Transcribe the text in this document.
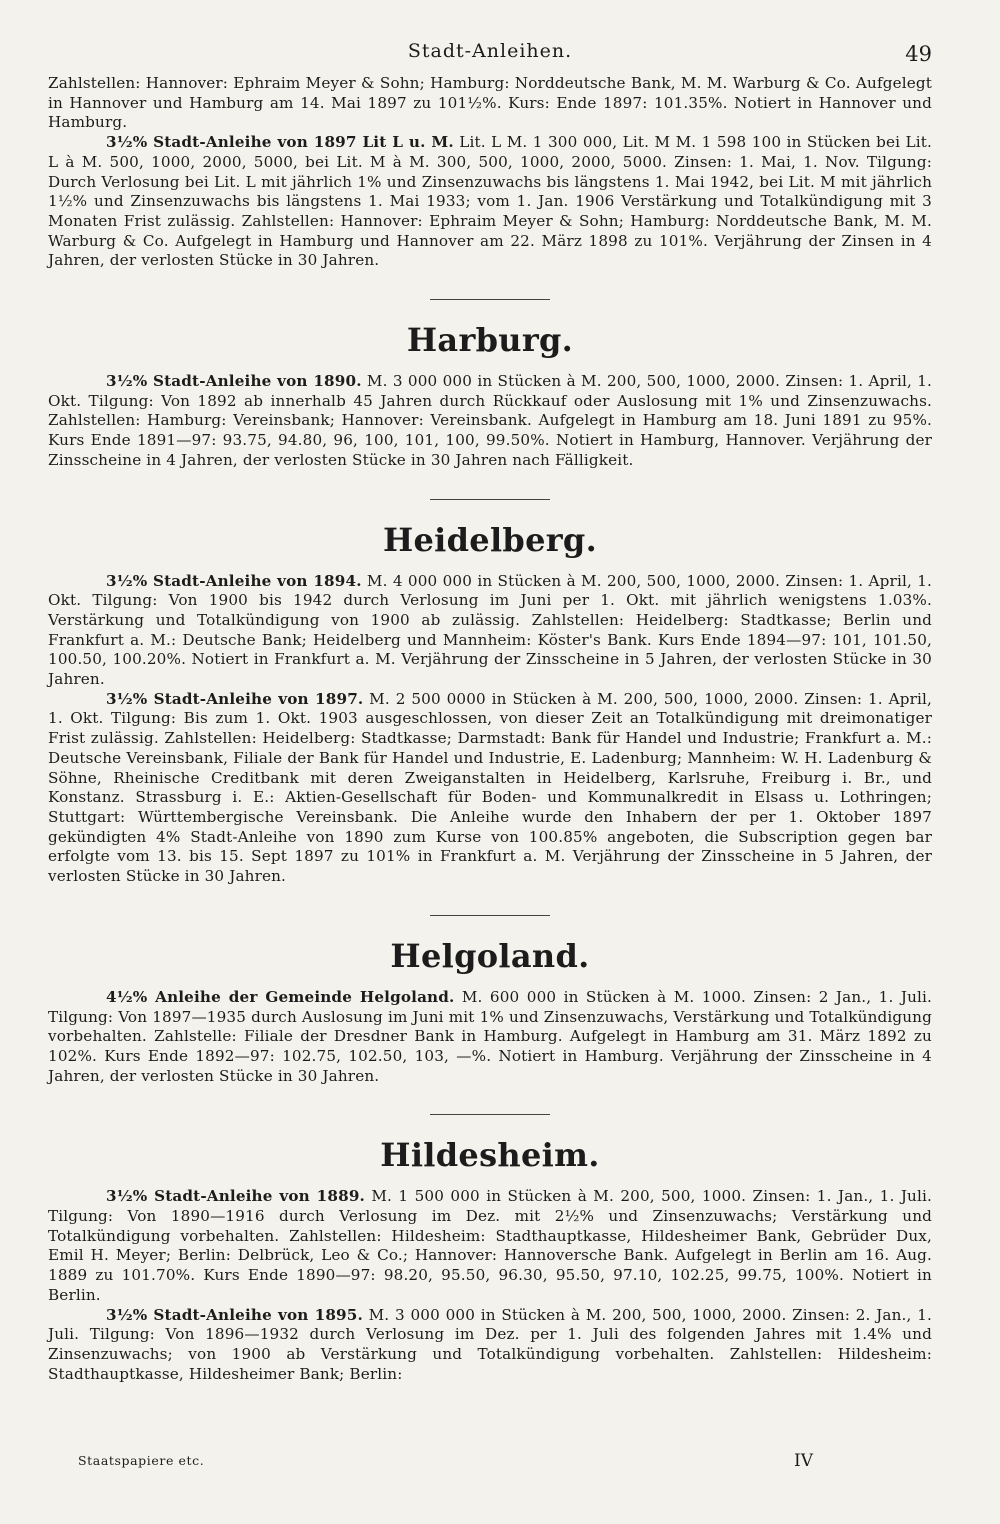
Stadt-Anleihen.	49

Zahlstellen: Hannover: Ephraim Meyer & Sohn; Hamburg: Norddeutsche Bank, M. M. Warburg & Co. Aufgelegt in Hannover und Hamburg am 14. Mai 1897 zu 101½%. Kurs: Ende 1897: 101.35%. Notiert in Hannover und Hamburg.

3½% Stadt-Anleihe von 1897 Lit L u. M. Lit. L M. 1 300 000, Lit. M M. 1 598 100 in Stücken bei Lit. L à M. 500, 1000, 2000, 5000, bei Lit. M à M. 300, 500, 1000, 2000, 5000. Zinsen: 1. Mai, 1. Nov. Tilgung: Durch Verlosung bei Lit. L mit jährlich 1% und Zinsenzuwachs bis längstens 1. Mai 1942, bei Lit. M mit jährlich 1½% und Zinsenzuwachs bis längstens 1. Mai 1933; vom 1. Jan. 1906 Verstärkung und Totalkündigung mit 3 Monaten Frist zulässig. Zahlstellen: Hannover: Ephraim Meyer & Sohn; Hamburg: Norddeutsche Bank, M. M. Warburg & Co. Aufgelegt in Hamburg und Hannover am 22. März 1898 zu 101%. Verjährung der Zinsen in 4 Jahren, der verlosten Stücke in 30 Jahren.

Harburg.

3½% Stadt-Anleihe von 1890. M. 3 000 000 in Stücken à M. 200, 500, 1000, 2000. Zinsen: 1. April, 1. Okt. Tilgung: Von 1892 ab innerhalb 45 Jahren durch Rückkauf oder Auslosung mit 1% und Zinsenzuwachs. Zahlstellen: Hamburg: Vereinsbank; Hannover: Vereinsbank. Aufgelegt in Hamburg am 18. Juni 1891 zu 95%. Kurs Ende 1891—97: 93.75, 94.80, 96, 100, 101, 100, 99.50%. Notiert in Hamburg, Hannover. Verjährung der Zinsscheine in 4 Jahren, der verlosten Stücke in 30 Jahren nach Fälligkeit.

Heidelberg.

3½% Stadt-Anleihe von 1894. M. 4 000 000 in Stücken à M. 200, 500, 1000, 2000. Zinsen: 1. April, 1. Okt. Tilgung: Von 1900 bis 1942 durch Verlosung im Juni per 1. Okt. mit jährlich wenigstens 1.03%. Verstärkung und Totalkündigung von 1900 ab zulässig. Zahlstellen: Heidelberg: Stadtkasse; Berlin und Frankfurt a. M.: Deutsche Bank; Heidelberg und Mannheim: Köster's Bank. Kurs Ende 1894—97: 101, 101.50, 100.50, 100.20%. Notiert in Frankfurt a. M. Verjährung der Zinsscheine in 5 Jahren, der verlosten Stücke in 30 Jahren.

3½% Stadt-Anleihe von 1897. M. 2 500 0000 in Stücken à M. 200, 500, 1000, 2000. Zinsen: 1. April, 1. Okt. Tilgung: Bis zum 1. Okt. 1903 ausgeschlossen, von dieser Zeit an Totalkündigung mit dreimonatiger Frist zulässig. Zahlstellen: Heidelberg: Stadtkasse; Darmstadt: Bank für Handel und Industrie; Frankfurt a. M.: Deutsche Vereinsbank, Filiale der Bank für Handel und Industrie, E. Ladenburg; Mannheim: W. H. Ladenburg & Söhne, Rheinische Creditbank mit deren Zweiganstalten in Heidelberg, Karlsruhe, Freiburg i. Br., und Konstanz. Strassburg i. E.: Aktien-Gesellschaft für Boden- und Kommunalkredit in Elsass u. Lothringen; Stuttgart: Württembergische Vereinsbank. Die Anleihe wurde den Inhabern der per 1. Oktober 1897 gekündigten 4% Stadt-Anleihe von 1890 zum Kurse von 100.85% angeboten, die Subscription gegen bar erfolgte vom 13. bis 15. Sept 1897 zu 101% in Frankfurt a. M. Verjährung der Zinsscheine in 5 Jahren, der verlosten Stücke in 30 Jahren.

Helgoland.

4½% Anleihe der Gemeinde Helgoland. M. 600 000 in Stücken à M. 1000. Zinsen: 2 Jan., 1. Juli. Tilgung: Von 1897—1935 durch Auslosung im Juni mit 1% und Zinsenzuwachs, Verstärkung und Totalkündigung vorbehalten. Zahlstelle: Filiale der Dresdner Bank in Hamburg. Aufgelegt in Hamburg am 31. März 1892 zu 102%. Kurs Ende 1892—97: 102.75, 102.50, 103, —%. Notiert in Hamburg. Verjährung der Zinsscheine in 4 Jahren, der verlosten Stücke in 30 Jahren.

Hildesheim.

3½% Stadt-Anleihe von 1889. M. 1 500 000 in Stücken à M. 200, 500, 1000. Zinsen: 1. Jan., 1. Juli. Tilgung: Von 1890—1916 durch Verlosung im Dez. mit 2½% und Zinsenzuwachs; Verstärkung und Totalkündigung vorbehalten. Zahlstellen: Hildesheim: Stadthauptkasse, Hildesheimer Bank, Gebrüder Dux, Emil H. Meyer; Berlin: Delbrück, Leo & Co.; Hannover: Hannoversche Bank. Aufgelegt in Berlin am 16. Aug. 1889 zu 101.70%. Kurs Ende 1890—97: 98.20, 95.50, 96.30, 95.50, 97.10, 102.25, 99.75, 100%. Notiert in Berlin.

3½% Stadt-Anleihe von 1895. M. 3 000 000 in Stücken à M. 200, 500, 1000, 2000. Zinsen: 2. Jan., 1. Juli. Tilgung: Von 1896—1932 durch Verlosung im Dez. per 1. Juli des folgenden Jahres mit 1.4% und Zinsenzuwachs; von 1900 ab Verstärkung und Totalkündigung vorbehalten. Zahlstellen: Hildesheim: Stadthauptkasse, Hildesheimer Bank; Berlin:

Staatspapiere etc.	IV
